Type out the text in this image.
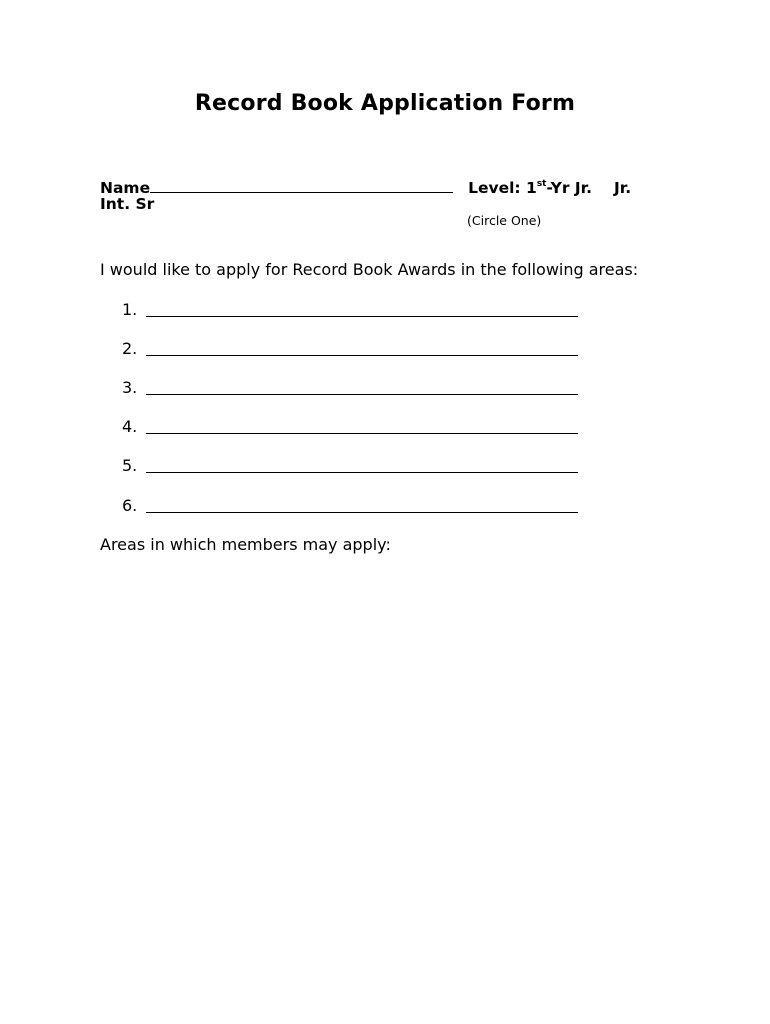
Record Book Application Form
Name	Level: 1st-Yr Jr. Jr.
Int. Sr
(Circle One)
I would like to apply for Record Book Awards in the following areas:
1.
2.
3.
4.
5.
6.
Areas in which members may apply:
